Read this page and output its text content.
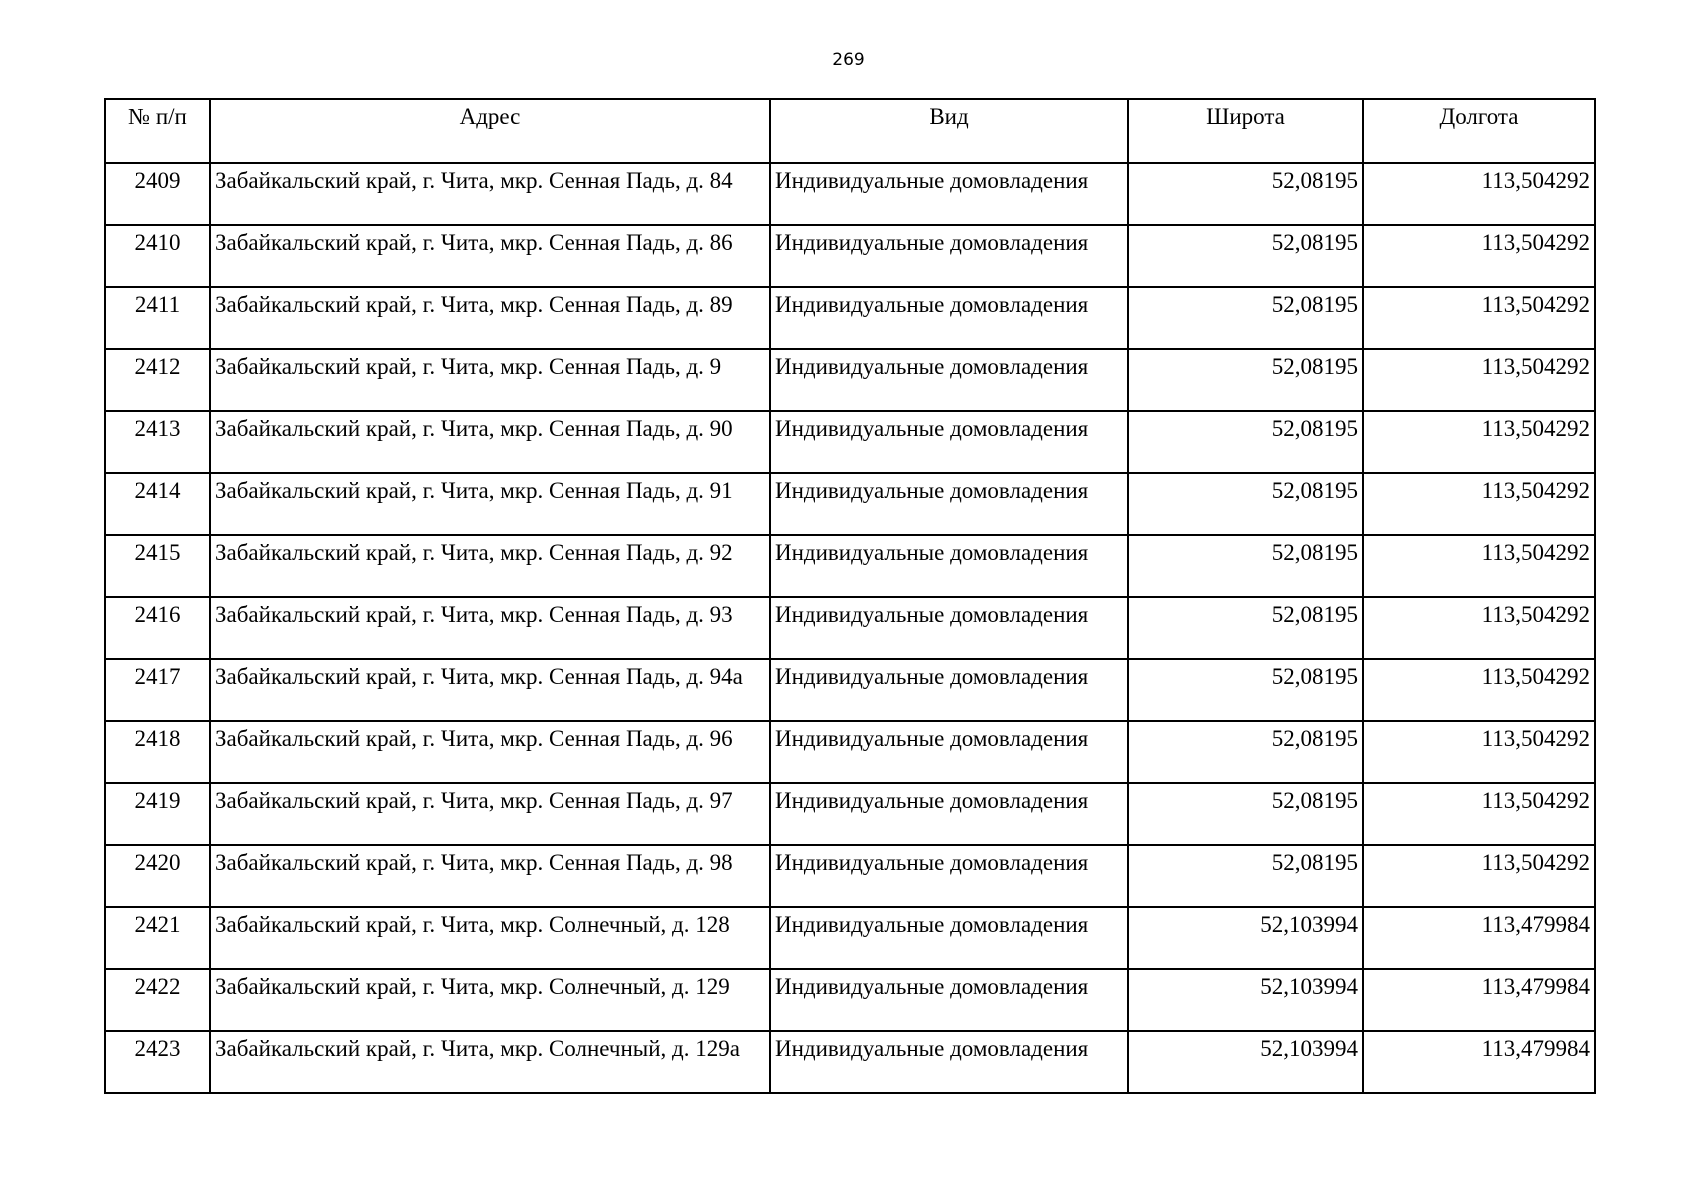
269
№ п/п	Адрес	Вид	Широта	Долгота
2409	Забайкальский край, г. Чита, мкр. Сенная Падь, д. 84	Индивидуальные домовладения	52,08195	113,504292
2410	Забайкальский край, г. Чита, мкр. Сенная Падь, д. 86	Индивидуальные домовладения	52,08195	113,504292
2411	Забайкальский край, г. Чита, мкр. Сенная Падь, д. 89	Индивидуальные домовладения	52,08195	113,504292
2412	Забайкальский край, г. Чита, мкр. Сенная Падь, д. 9	Индивидуальные домовладения	52,08195	113,504292
2413	Забайкальский край, г. Чита, мкр. Сенная Падь, д. 90	Индивидуальные домовладения	52,08195	113,504292
2414	Забайкальский край, г. Чита, мкр. Сенная Падь, д. 91	Индивидуальные домовладения	52,08195	113,504292
2415	Забайкальский край, г. Чита, мкр. Сенная Падь, д. 92	Индивидуальные домовладения	52,08195	113,504292
2416	Забайкальский край, г. Чита, мкр. Сенная Падь, д. 93	Индивидуальные домовладения	52,08195	113,504292
2417	Забайкальский край, г. Чита, мкр. Сенная Падь, д. 94а	Индивидуальные домовладения	52,08195	113,504292
2418	Забайкальский край, г. Чита, мкр. Сенная Падь, д. 96	Индивидуальные домовладения	52,08195	113,504292
2419	Забайкальский край, г. Чита, мкр. Сенная Падь, д. 97	Индивидуальные домовладения	52,08195	113,504292
2420	Забайкальский край, г. Чита, мкр. Сенная Падь, д. 98	Индивидуальные домовладения	52,08195	113,504292
2421	Забайкальский край, г. Чита, мкр. Солнечный, д. 128	Индивидуальные домовладения	52,103994	113,479984
2422	Забайкальский край, г. Чита, мкр. Солнечный, д. 129	Индивидуальные домовладения	52,103994	113,479984
2423	Забайкальский край, г. Чита, мкр. Солнечный, д. 129а	Индивидуальные домовладения	52,103994	113,479984
